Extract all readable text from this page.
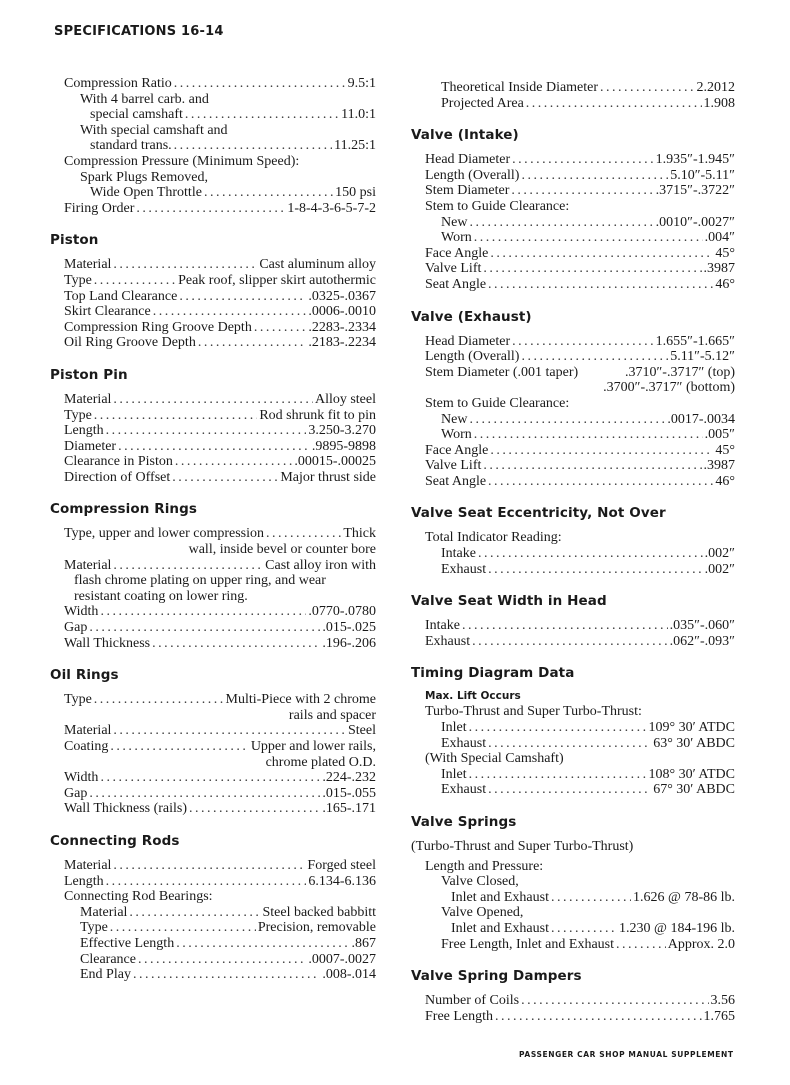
SPECIFICATIONS 16-14
Compression Ratio .....	9.5:1
With 4 barrel carb. and
special camshaft .....	11.0:1
With special camshaft and
standard trans. .....	11.25:1
Compression Pressure (Minimum Speed):
Spark Plugs Removed,
Wide Open Throttle .....	150 psi
Firing Order .....	1-8-4-3-6-5-7-2
Piston
Material .....	Cast aluminum alloy
Type .....	Peak roof, slipper skirt autothermic
Top Land Clearance .....	.0325-.0367
Skirt Clearance .....	.0006-.0010
Compression Ring Groove Depth .....	.2283-.2334
Oil Ring Groove Depth .....	.2183-.2234
Piston Pin
Material .....	Alloy steel
Type .....	Rod shrunk fit to pin
Length .....	3.250-3.270
Diameter .....	.9895-9898
Clearance in Piston .....	.00015-.00025
Direction of Offset .....	Major thrust side
Compression Rings
Type, upper and lower compression .....	Thick
wall, inside bevel or counter bore
Material .....	Cast alloy iron with
flash chrome plating on upper ring, and wear
resistant coating on lower ring.
Width .....	.0770-.0780
Gap .....	.015-.025
Wall Thickness .....	.196-.206
Oil Rings
Type .....	Multi-Piece with 2 chrome
rails and spacer
Material .....	Steel
Coating .....	Upper and lower rails,
chrome plated O.D.
Width .....	.224-.232
Gap .....	.015-.055
Wall Thickness (rails) .....	.165-.171
Connecting Rods
Material .....	Forged steel
Length .....	6.134-6.136
Connecting Rod Bearings:
Material .....	Steel backed babbitt
Type .....	Precision, removable
Effective Length .....	.867
Clearance .....	.0007-.0027
End Play .....	.008-.014
Theoretical Inside Diameter .....	2.2012
Projected Area .....	1.908
Valve (Intake)
Head Diameter .....	1.935″-1.945″
Length (Overall) .....	5.10″-5.11″
Stem Diameter .....	.3715″-.3722″
Stem to Guide Clearance:
New .....	.0010″-.0027″
Worn .....	.004″
Face Angle .....	45°
Valve Lift .....	.3987
Seat Angle .....	46°
Valve (Exhaust)
Head Diameter .....	1.655″-1.665″
Length (Overall) .....	5.11″-5.12″
Stem Diameter (.001 taper)	.3710″-.3717″ (top)
.3700″-.3717″ (bottom)
Stem to Guide Clearance:
New .....	.0017-.0034
Worn .....	.005″
Face Angle .....	45°
Valve Lift .....	.3987
Seat Angle .....	46°
Valve Seat Eccentricity, Not Over
Total Indicator Reading:
Intake .....	.002″
Exhaust .....	.002″
Valve Seat Width in Head
Intake .....	.035″-.060″
Exhaust .....	.062″-.093″
Timing Diagram Data
Max. Lift Occurs
Turbo-Thrust and Super Turbo-Thrust:
Inlet .....	109° 30′ ATDC
Exhaust .....	63° 30′ ABDC
(With Special Camshaft)
Inlet .....	108° 30′ ATDC
Exhaust .....	67° 30′ ABDC
Valve Springs
(Turbo-Thrust and Super Turbo-Thrust)
Length and Pressure:
Valve Closed,
Inlet and Exhaust .....	1.626 @ 78-86 lb.
Valve Opened,
Inlet and Exhaust .....	1.230 @ 184-196 lb.
Free Length, Inlet and Exhaust .....	Approx. 2.0
Valve Spring Dampers
Number of Coils .....	3.56
Free Length .....	1.765
PASSENGER CAR SHOP MANUAL SUPPLEMENT
